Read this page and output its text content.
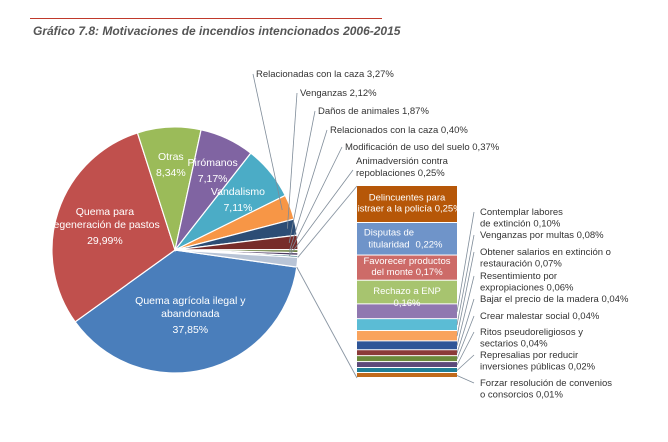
Gráfico 7.8: Motivaciones de incendios intencionados 2006-2015
Quema agrícola ilegal y abandonada 37,85%
Quema para regeneración de pastos 29,99%
Otras 8,34%
Pirómanos 7,17%
Vandalismo 7,11%
Relacionadas con la caza 3,27%
Venganzas 2,12%
Daños de animales 1,87%
Relacionados con la caza 0,40%
Modificación de uso del suelo 0,37%
Animadversión contra repoblaciones 0,25%
Delincuentes para distraer a la policía 0,25%
Disputas de titularidad 0,22%
Favorecer productos del monte 0,17%
Rechazo a ENP 0,16%
Contemplar labores de extinción 0,10%
Venganzas por multas 0,08%
Obtener salarios en extinción o restauración 0,07%
Resentimiento por expropiaciones 0,06%
Bajar el precio de la madera 0,04%
Crear malestar social 0,04%
Ritos pseudoreligiosos y sectarios 0,04%
Represalias por reducir inversiones públicas 0,02%
Forzar resolución de convenios o consorcios 0,01%
